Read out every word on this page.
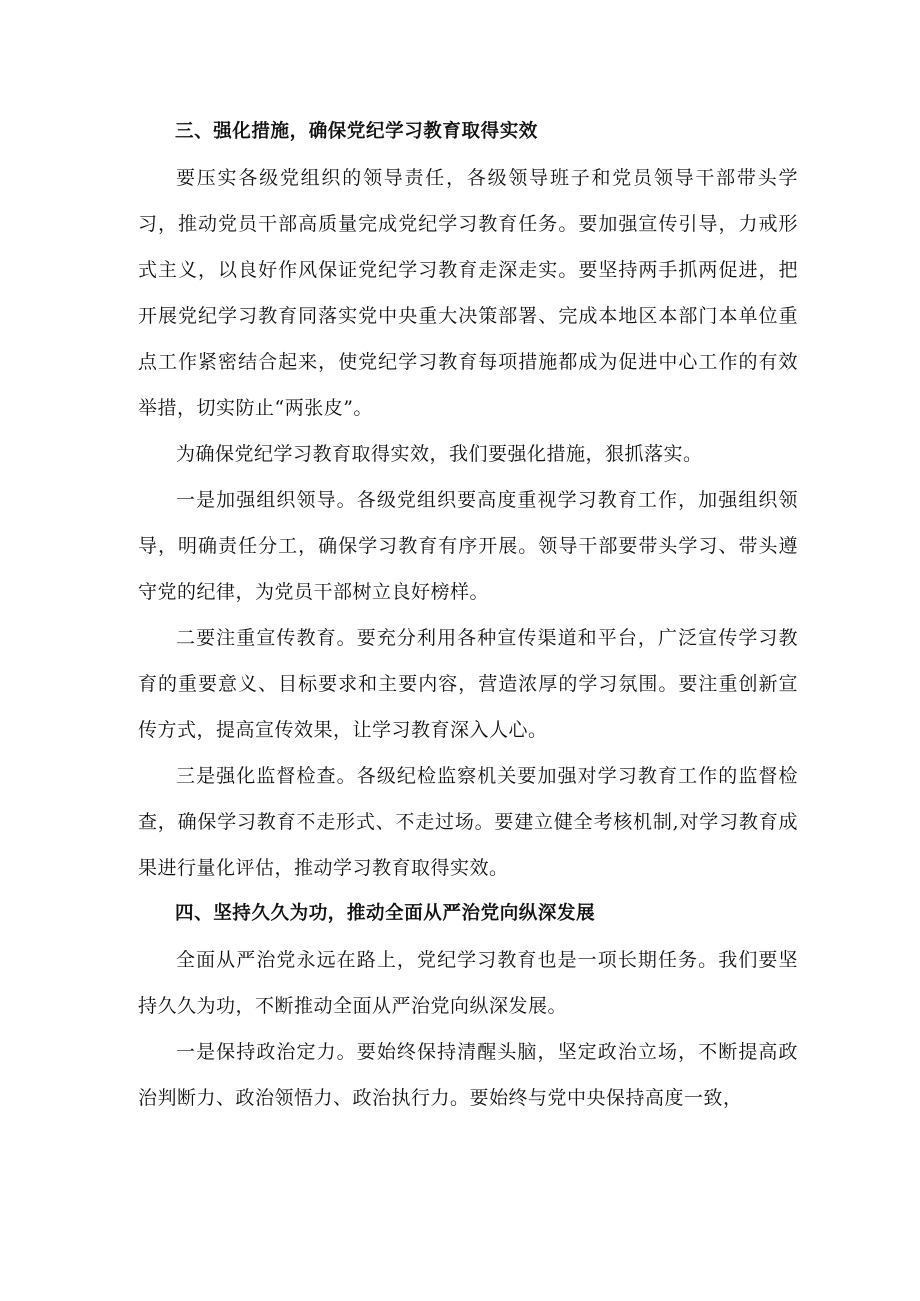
三、强化措施，确保党纪学习教育取得实效

要压实各级党组织的领导责任，各级领导班子和党员领导干部带头学习，推动党员干部高质量完成党纪学习教育任务。要加强宣传引导，力戒形式主义，以良好作风保证党纪学习教育走深走实。要坚持两手抓两促进，把开展党纪学习教育同落实党中央重大决策部署、完成本地区本部门本单位重点工作紧密结合起来，使党纪学习教育每项措施都成为促进中心工作的有效举措，切实防止“两张皮”。

为确保党纪学习教育取得实效，我们要强化措施，狠抓落实。

一是加强组织领导。各级党组织要高度重视学习教育工作，加强组织领导，明确责任分工，确保学习教育有序开展。领导干部要带头学习、带头遵守党的纪律，为党员干部树立良好榜样。

二要注重宣传教育。要充分利用各种宣传渠道和平台，广泛宣传学习教育的重要意义、目标要求和主要内容，营造浓厚的学习氛围。要注重创新宣传方式，提高宣传效果，让学习教育深入人心。

三是强化监督检查。各级纪检监察机关要加强对学习教育工作的监督检查，确保学习教育不走形式、不走过场。要建立健全考核机制,对学习教育成果进行量化评估，推动学习教育取得实效。

四、坚持久久为功，推动全面从严治党向纵深发展

全面从严治党永远在路上，党纪学习教育也是一项长期任务。我们要坚持久久为功，不断推动全面从严治党向纵深发展。

一是保持政治定力。要始终保持清醒头脑，坚定政治立场，不断提高政治判断力、政治领悟力、政治执行力。要始终与党中央保持高度一致，
